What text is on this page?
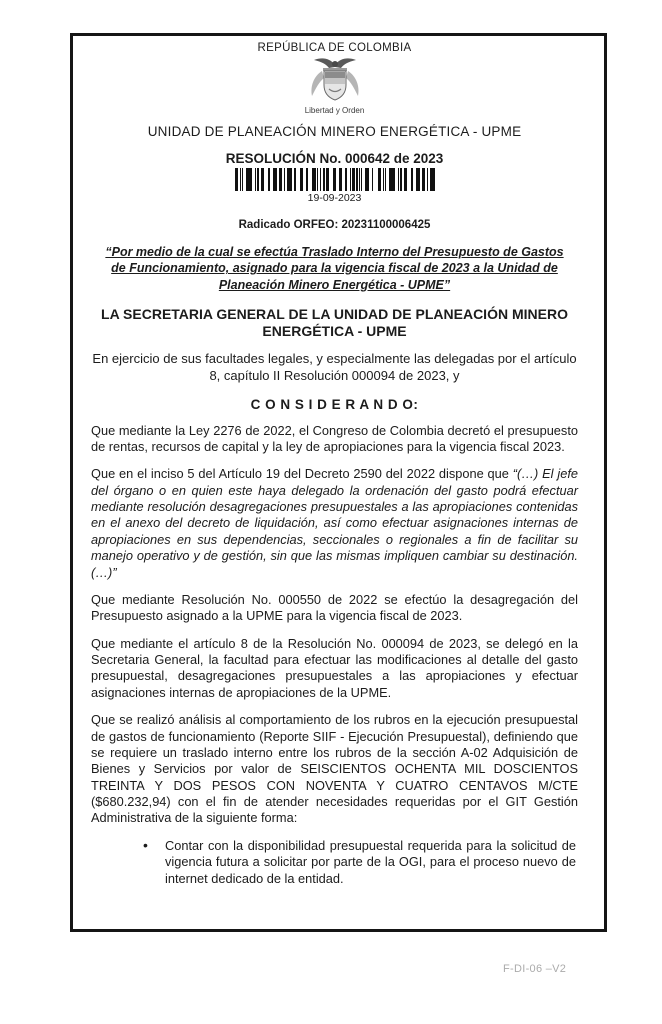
REPÚBLICA DE COLOMBIA
Libertad y Orden
UNIDAD DE PLANEACIÓN MINERO ENERGÉTICA - UPME
RESOLUCIÓN No. 000642 de 2023
19-09-2023
Radicado ORFEO: 20231100006425
“Por medio de la cual se efectúa Traslado Interno del Presupuesto de Gastos de Funcionamiento, asignado para la vigencia fiscal de 2023 a la Unidad de Planeación Minero Energética - UPME”
LA SECRETARIA GENERAL DE LA UNIDAD DE PLANEACIÓN MINERO ENERGÉTICA - UPME
En ejercicio de sus facultades legales, y especialmente las delegadas por el artículo 8, capítulo II Resolución 000094 de 2023, y
C O N S I D E R A N D O:

Que mediante la Ley 2276 de 2022, el Congreso de Colombia decretó el presupuesto de rentas, recursos de capital y la ley de apropiaciones para la vigencia fiscal 2023.

Que en el inciso 5 del Artículo 19 del Decreto 2590 del 2022 dispone que “(…) El jefe del órgano o en quien este haya delegado la ordenación del gasto podrá efectuar mediante resolución desagregaciones presupuestales a las apropiaciones contenidas en el anexo del decreto de liquidación, así como efectuar asignaciones internas de apropiaciones en sus dependencias, seccionales o regionales a fin de facilitar su manejo operativo y de gestión, sin que las mismas impliquen cambiar su destinación. (…)”

Que mediante Resolución No. 000550 de 2022 se efectúo la desagregación del Presupuesto asignado a la UPME para la vigencia fiscal de 2023.

Que mediante el artículo 8 de la Resolución No. 000094 de 2023, se delegó en la Secretaria General, la facultad para efectuar las modificaciones al detalle del gasto presupuestal, desagregaciones presupuestales a las apropiaciones y efectuar asignaciones internas de apropiaciones de la UPME.

Que se realizó análisis al comportamiento de los rubros en la ejecución presupuestal de gastos de funcionamiento (Reporte SIIF - Ejecución Presupuestal), definiendo que se requiere un traslado interno entre los rubros de la sección A-02 Adquisición de Bienes y Servicios por valor de SEISCIENTOS OCHENTA MIL DOSCIENTOS TREINTA Y DOS PESOS CON NOVENTA Y CUATRO CENTAVOS M/CTE ($680.232,94) con el fin de atender necesidades requeridas por el GIT Gestión Administrativa de la siguiente forma:

• Contar con la disponibilidad presupuestal requerida para la solicitud de vigencia futura a solicitar por parte de la OGI, para el proceso nuevo de internet dedicado de la entidad.
F-DI-06 –V2
